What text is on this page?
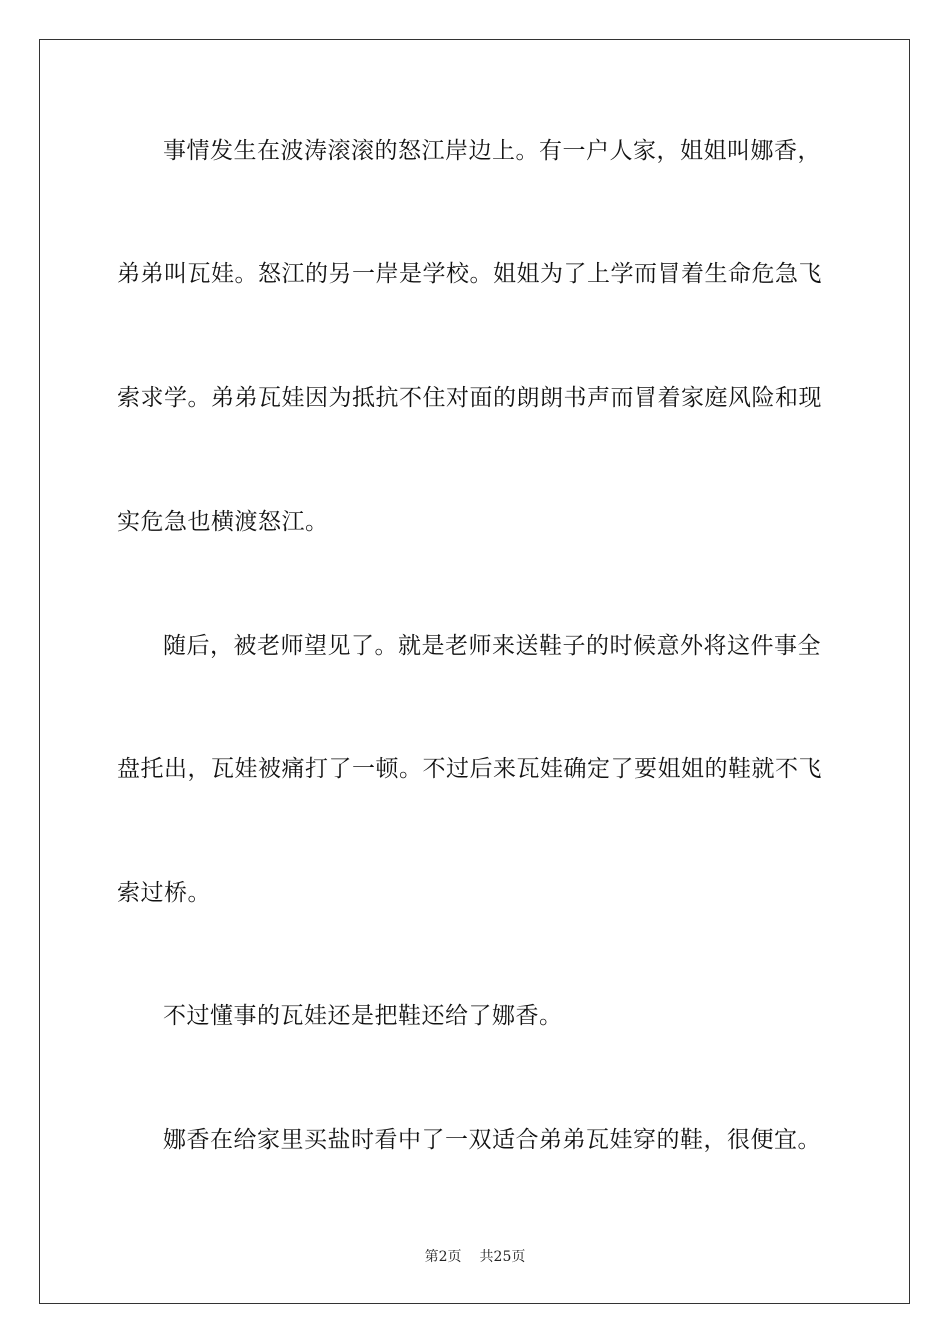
事情发生在波涛滚滚的怒江岸边上。有一户人家，姐姐叫娜香，
弟弟叫瓦娃。怒江的另一岸是学校。姐姐为了上学而冒着生命危急飞
索求学。弟弟瓦娃因为抵抗不住对面的朗朗书声而冒着家庭风险和现
实危急也横渡怒江。
随后，被老师望见了。就是老师来送鞋子的时候意外将这件事全
盘托出，瓦娃被痛打了一顿。不过后来瓦娃确定了要姐姐的鞋就不飞
索过桥。
不过懂事的瓦娃还是把鞋还给了娜香。
娜香在给家里买盐时看中了一双适合弟弟瓦娃穿的鞋，很便宜。
第2页 共25页
